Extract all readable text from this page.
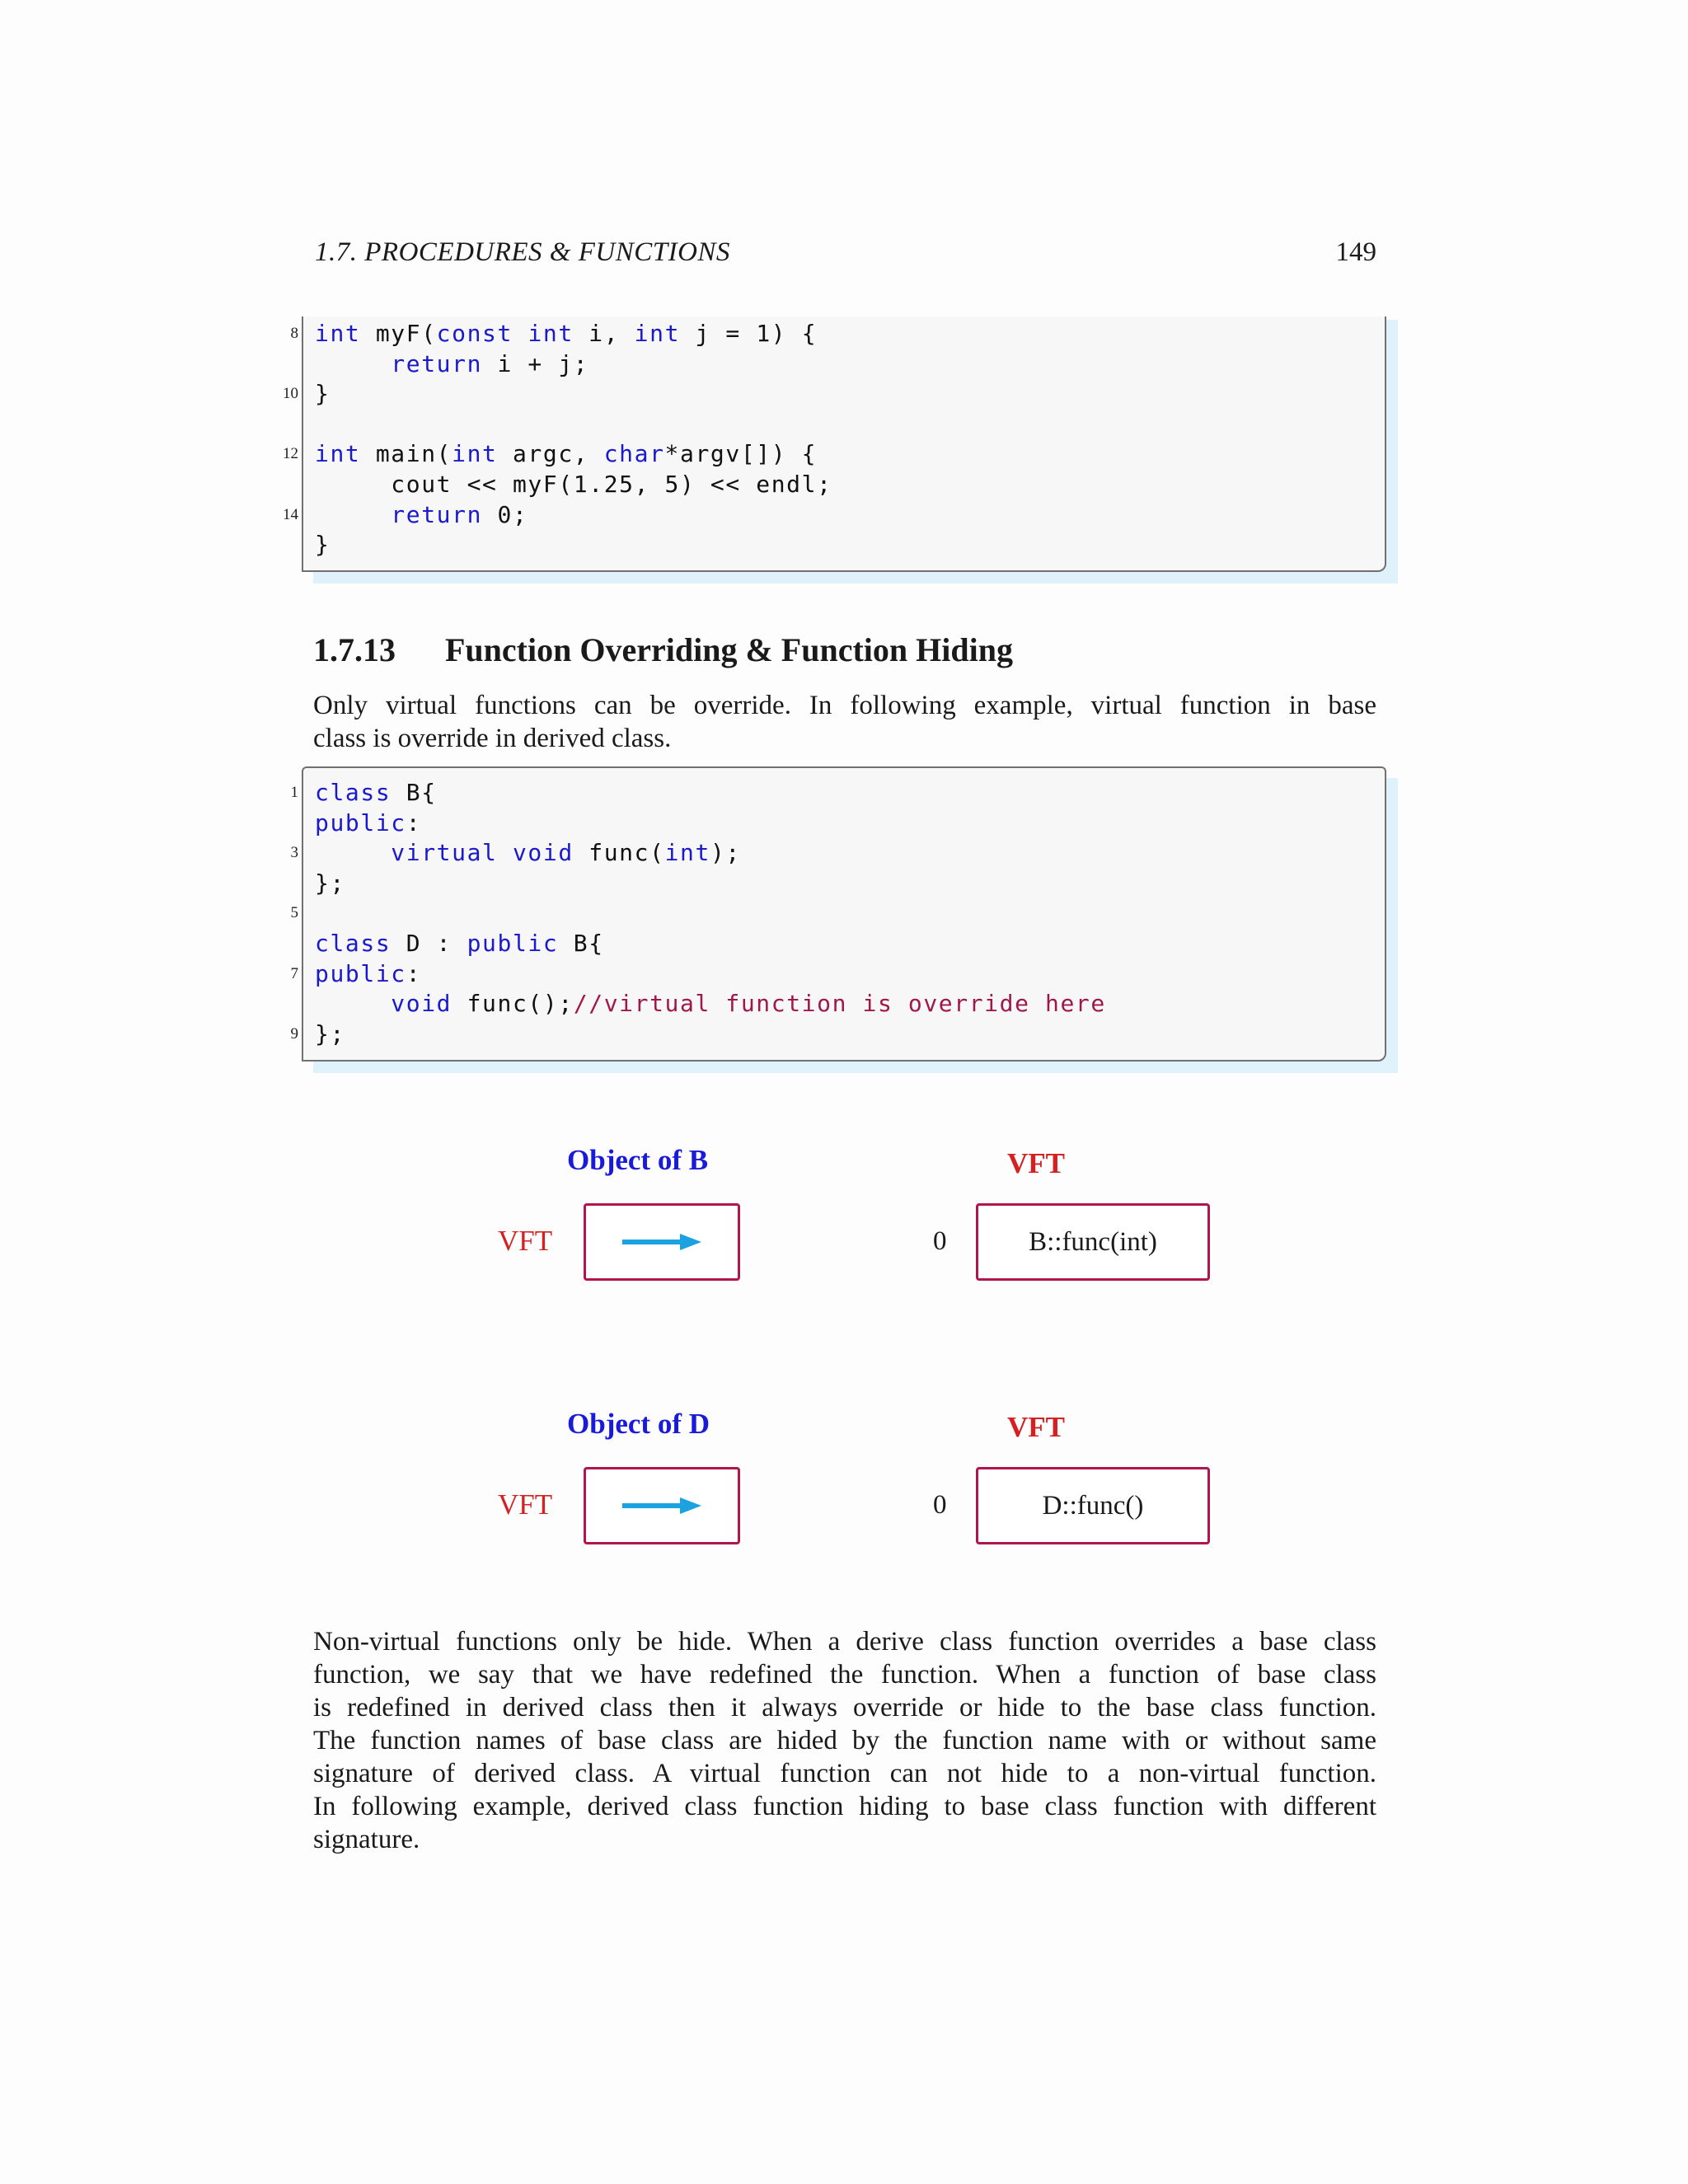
1.7. PROCEDURES & FUNCTIONS	149
8 int myF(const int i, int j = 1) {
return i + j;
10 }
12 int main(int argc, char*argv[]) {
cout << myF(1.25, 5) << endl;
14	return 0;
}
1.7.13 Function Overriding & Function Hiding
Only virtual functions can be override. In following example, virtual function in base
class is override in derived class.
1 class B{
public:
3	virtual void func(int);
};
5
class D : public B{
7 public:
void func();//virtual function is override here
9 };
Object of B	VFT
VFT	0	B::func(int)
Object of D	VFT
VFT	0	D::func()
Non-virtual functions only be hide. When a derive class function overrides a base class
function, we say that we have redefined the function. When a function of base class
is redefined in derived class then it always override or hide to the base class function.
The function names of base class are hided by the function name with or without same
signature of derived class. A virtual function can not hide to a non-virtual function.
In following example, derived class function hiding to base class function with different
signature.
